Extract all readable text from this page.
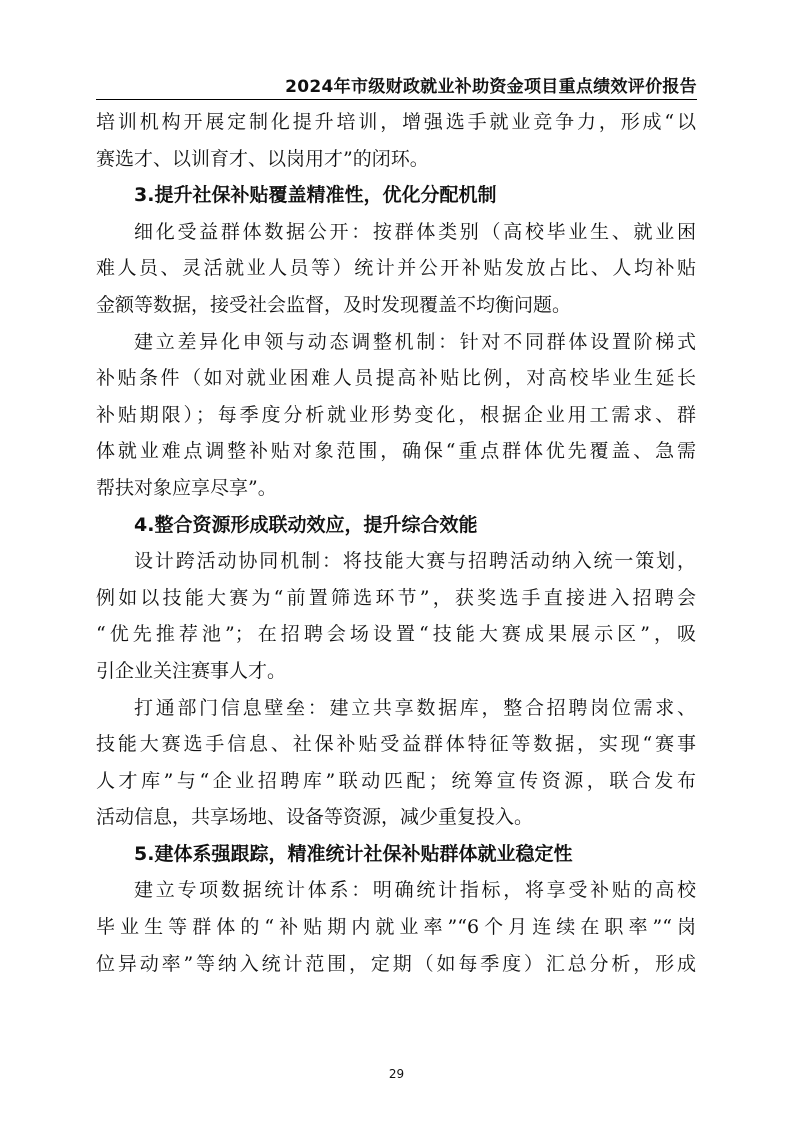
2024年市级财政就业补助资金项目重点绩效评价报告
培训机构开展定制化提升培训，增强选手就业竞争力，形成“以
赛选才、以训育才、以岗用才”的闭环。
3.提升社保补贴覆盖精准性，优化分配机制
细化受益群体数据公开：按群体类别（高校毕业生、就业困
难人员、灵活就业人员等）统计并公开补贴发放占比、人均补贴
金额等数据，接受社会监督，及时发现覆盖不均衡问题。
建立差异化申领与动态调整机制：针对不同群体设置阶梯式
补贴条件（如对就业困难人员提高补贴比例，对高校毕业生延长
补贴期限）；每季度分析就业形势变化，根据企业用工需求、群
体就业难点调整补贴对象范围，确保“重点群体优先覆盖、急需
帮扶对象应享尽享”。
4.整合资源形成联动效应，提升综合效能
设计跨活动协同机制：将技能大赛与招聘活动纳入统一策划，
例如以技能大赛为“前置筛选环节”，获奖选手直接进入招聘会
“优先推荐池”；在招聘会场设置“技能大赛成果展示区”，吸
引企业关注赛事人才。
打通部门信息壁垒：建立共享数据库，整合招聘岗位需求、
技能大赛选手信息、社保补贴受益群体特征等数据，实现“赛事
人才库”与“企业招聘库”联动匹配；统筹宣传资源，联合发布
活动信息，共享场地、设备等资源，减少重复投入。
5.建体系强跟踪，精准统计社保补贴群体就业稳定性
建立专项数据统计体系：明确统计指标，将享受补贴的高校
毕业生等群体的“补贴期内就业率”“6个月连续在职率”“岗
位异动率”等纳入统计范围，定期（如每季度）汇总分析，形成
29
